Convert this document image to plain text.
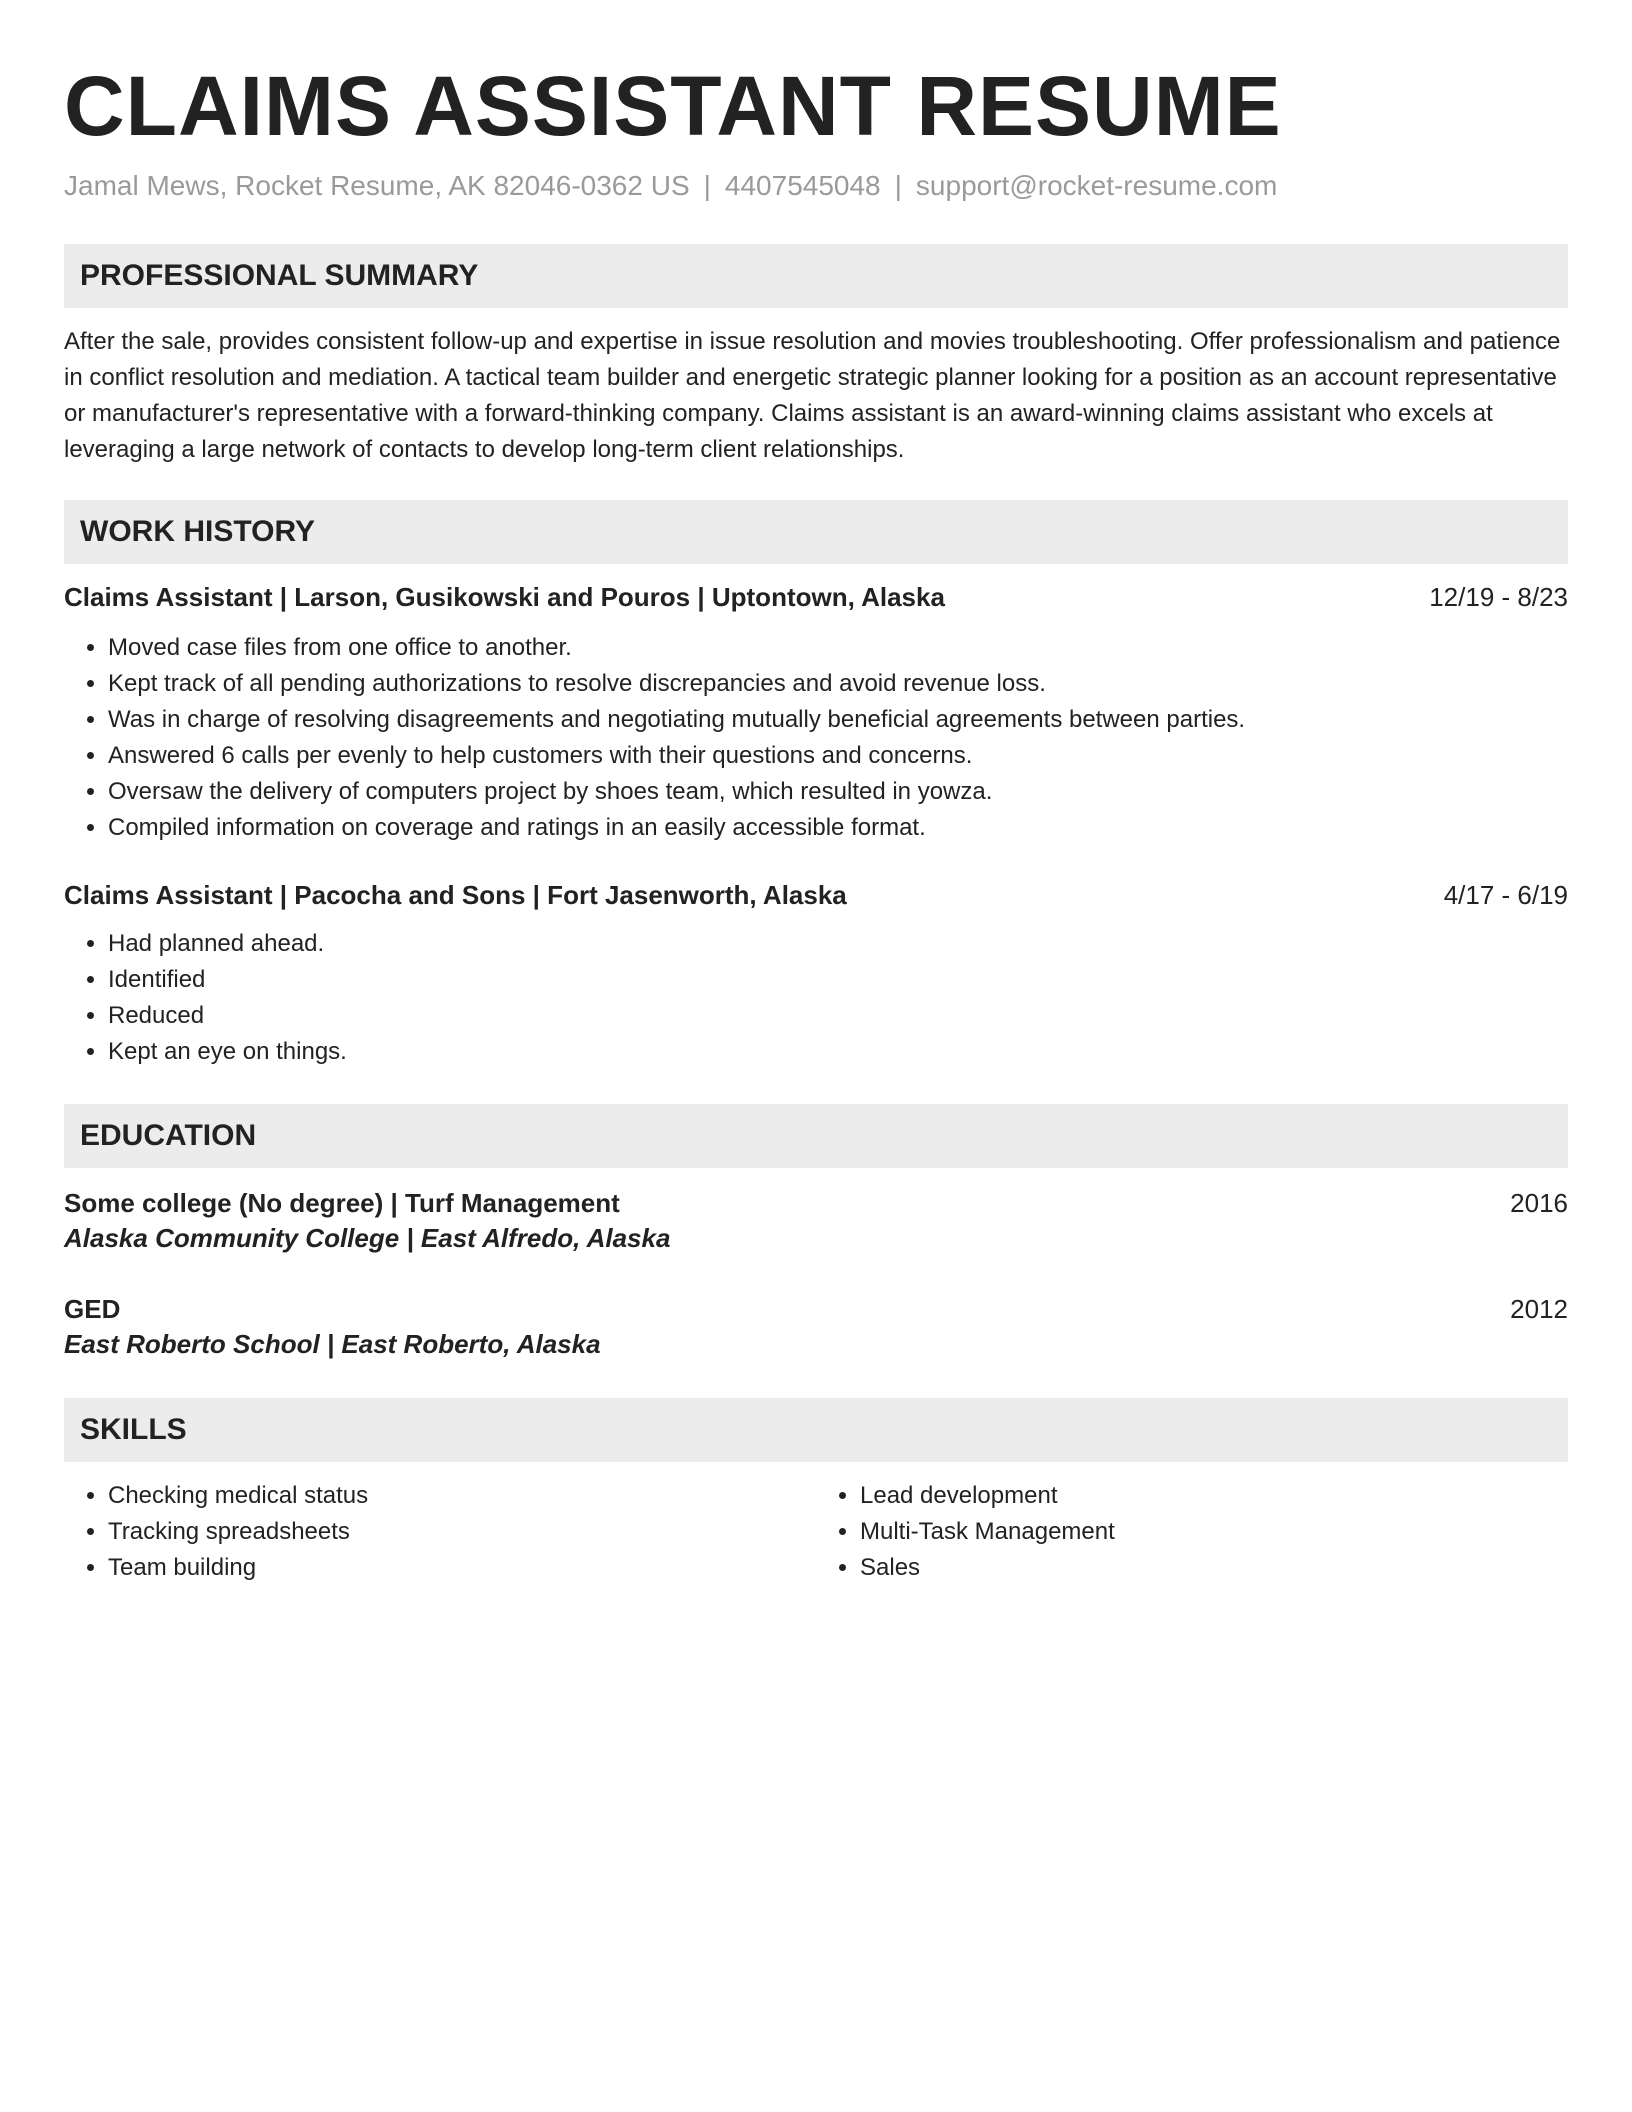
CLAIMS ASSISTANT RESUME
Jamal Mews, Rocket Resume, AK 82046-0362 US | 4407545048 | support@rocket-resume.com
PROFESSIONAL SUMMARY

After the sale, provides consistent follow-up and expertise in issue resolution and movies troubleshooting. Offer professionalism and patience in conflict resolution and mediation. A tactical team builder and energetic strategic planner looking for a position as an account representative or manufacturer's representative with a forward-thinking company. Claims assistant is an award-winning claims assistant who excels at leveraging a large network of contacts to develop long-term client relationships.

WORK HISTORY
Claims Assistant | Larson, Gusikowski and Pouros | Uptontown, Alaska	12/19 - 8/23
• Moved case files from one office to another.
• Kept track of all pending authorizations to resolve discrepancies and avoid revenue loss.
• Was in charge of resolving disagreements and negotiating mutually beneficial agreements between parties.
• Answered 6 calls per evenly to help customers with their questions and concerns.
• Oversaw the delivery of computers project by shoes team, which resulted in yowza.
• Compiled information on coverage and ratings in an easily accessible format.
Claims Assistant | Pacocha and Sons | Fort Jasenworth, Alaska	4/17 - 6/19
• Had planned ahead.
• Identified
• Reduced
• Kept an eye on things.
EDUCATION
Some college (No degree) | Turf Management	2016
Alaska Community College | East Alfredo, Alaska
GED	2012
East Roberto School | East Roberto, Alaska
SKILLS
• Checking medical status
• Tracking spreadsheets
• Team building
• Lead development
• Multi-Task Management
• Sales
